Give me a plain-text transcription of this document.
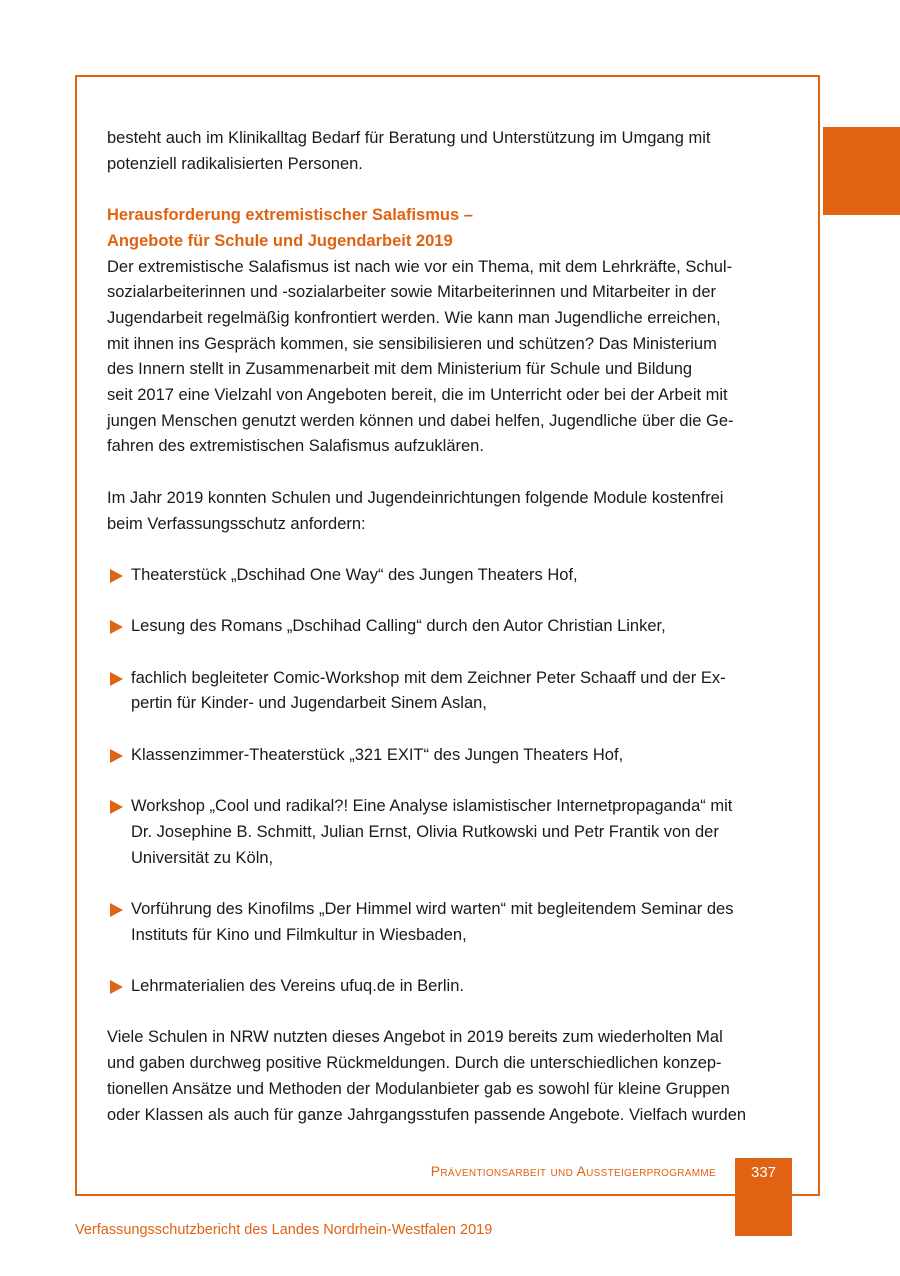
besteht auch im Klinikalltag Bedarf für Beratung und Unterstützung im Umgang mit
potenziell radikalisierten Personen.

Herausforderung extremistischer Salafismus –
Angebote für Schule und Jugendarbeit 2019

Der extremistische Salafismus ist nach wie vor ein Thema, mit dem Lehrkräfte, Schul-
sozialarbeiterinnen und -sozialarbeiter sowie Mitarbeiterinnen und Mitarbeiter in der
Jugendarbeit regelmäßig konfrontiert werden. Wie kann man Jugendliche erreichen,
mit ihnen ins Gespräch kommen, sie sensibilisieren und schützen? Das Ministerium
des Innern stellt in Zusammenarbeit mit dem Ministerium für Schule und Bildung
seit 2017 eine Vielzahl von Angeboten bereit, die im Unterricht oder bei der Arbeit mit
jungen Menschen genutzt werden können und dabei helfen, Jugendliche über die Ge-
fahren des extremistischen Salafismus aufzuklären.

Im Jahr 2019 konnten Schulen und Jugendeinrichtungen folgende Module kostenfrei
beim Verfassungsschutz anfordern:

Theaterstück „Dschihad One Way“ des Jungen Theaters Hof,
Lesung des Romans „Dschihad Calling“ durch den Autor Christian Linker,
fachlich begleiteter Comic-Workshop mit dem Zeichner Peter Schaaff und der Ex-
pertin für Kinder- und Jugendarbeit Sinem Aslan,
Klassenzimmer-Theaterstück „321 EXIT“ des Jungen Theaters Hof,
Workshop „Cool und radikal?! Eine Analyse islamistischer Internetpropaganda“ mit
Dr. Josephine B. Schmitt, Julian Ernst, Olivia Rutkowski und Petr Frantik von der
Universität zu Köln,
Vorführung des Kinofilms „Der Himmel wird warten“ mit begleitendem Seminar des
Instituts für Kino und Filmkultur in Wiesbaden,
Lehrmaterialien des Vereins ufuq.de in Berlin.

Viele Schulen in NRW nutzten dieses Angebot in 2019 bereits zum wiederholten Mal
und gaben durchweg positive Rückmeldungen. Durch die unterschiedlichen konzep-
tionellen Ansätze und Methoden der Modulanbieter gab es sowohl für kleine Gruppen
oder Klassen als auch für ganze Jahrgangsstufen passende Angebote. Vielfach wurden

Präventionsarbeit und Aussteigerprogramme	337
Verfassungsschutzbericht des Landes Nordrhein-Westfalen 2019
